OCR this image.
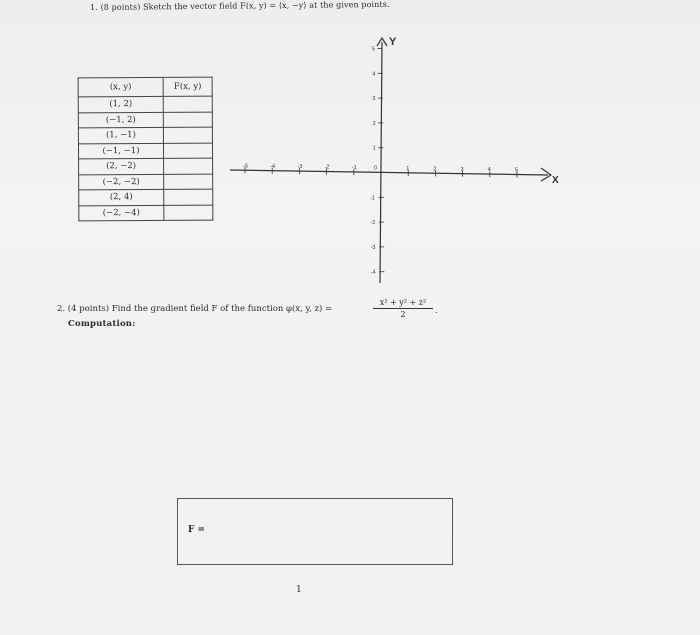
1. (8 points) Sketch the vector field F(x, y) = ⟨x, −y⟩ at the given points.
(x, y)	F(x, y)
(1, 2)	
(−1, 2)	
(1, −1)	
(−1, −1)	
(2, −2)	
(−2, −2)	
(2, 4)	
(−2, −4)	
X
Y
-5	-4	-3	-2	-1	0	1	2	3	4	5
5
4
3
2
1
-1
-2
-3
-4
2. (4 points) Find the gradient field F of the function φ(x, y, z) =	$\frac{\text{x² + y² + z²}}{2}$ .
Computation:
F =
1
